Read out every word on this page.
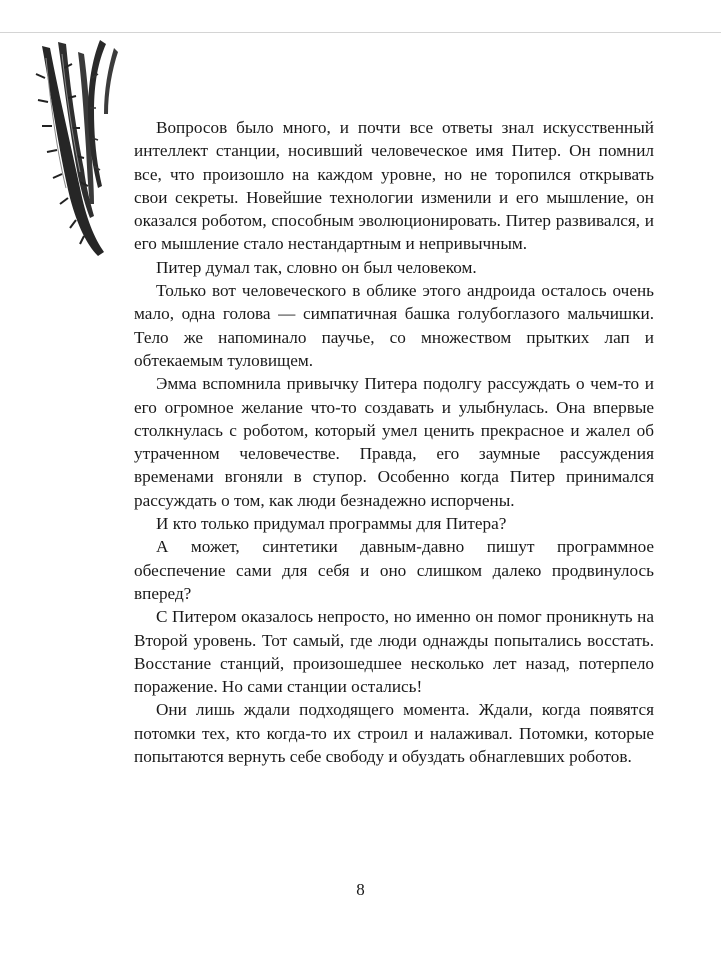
Вопросов было много, и почти все ответы знал искусственный интеллект станции, носивший человеческое имя Питер. Он помнил все, что произошло на каждом уровне, но не торопился открывать свои секреты. Новейшие технологии изменили и его мышление, он оказался роботом, способным эволюционировать. Питер развивался, и его мышление стало нестандартным и непривычным.

Питер думал так, словно он был человеком.

Только вот человеческого в облике этого андроида осталось очень мало, одна голова — симпатичная башка голубоглазого мальчишки. Тело же напоминало паучье, со множеством прытких лап и обтекаемым туловищем.

Эмма вспомнила привычку Питера подолгу рассуждать о чем-то и его огромное желание что-то создавать и улыбнулась. Она впервые столкнулась с роботом, который умел ценить прекрасное и жалел об утраченном человечестве. Правда, его заумные рассуждения временами вгоняли в ступор. Особенно когда Питер принимался рассуждать о том, как люди безнадежно испорчены.

И кто только придумал программы для Питера?

А может, синтетики давным-давно пишут программное обеспечение сами для себя и оно слишком далеко продвинулось вперед?

С Питером оказалось непросто, но именно он помог проникнуть на Второй уровень. Тот самый, где люди однажды попытались восстать. Восстание станций, произошедшее несколько лет назад, потерпело поражение. Но сами станции остались!

Они лишь ждали подходящего момента. Ждали, когда появятся потомки тех, кто когда-то их строил и налаживал. Потомки, которые попытаются вернуть себе свободу и обуздать обнаглевших роботов.

8
